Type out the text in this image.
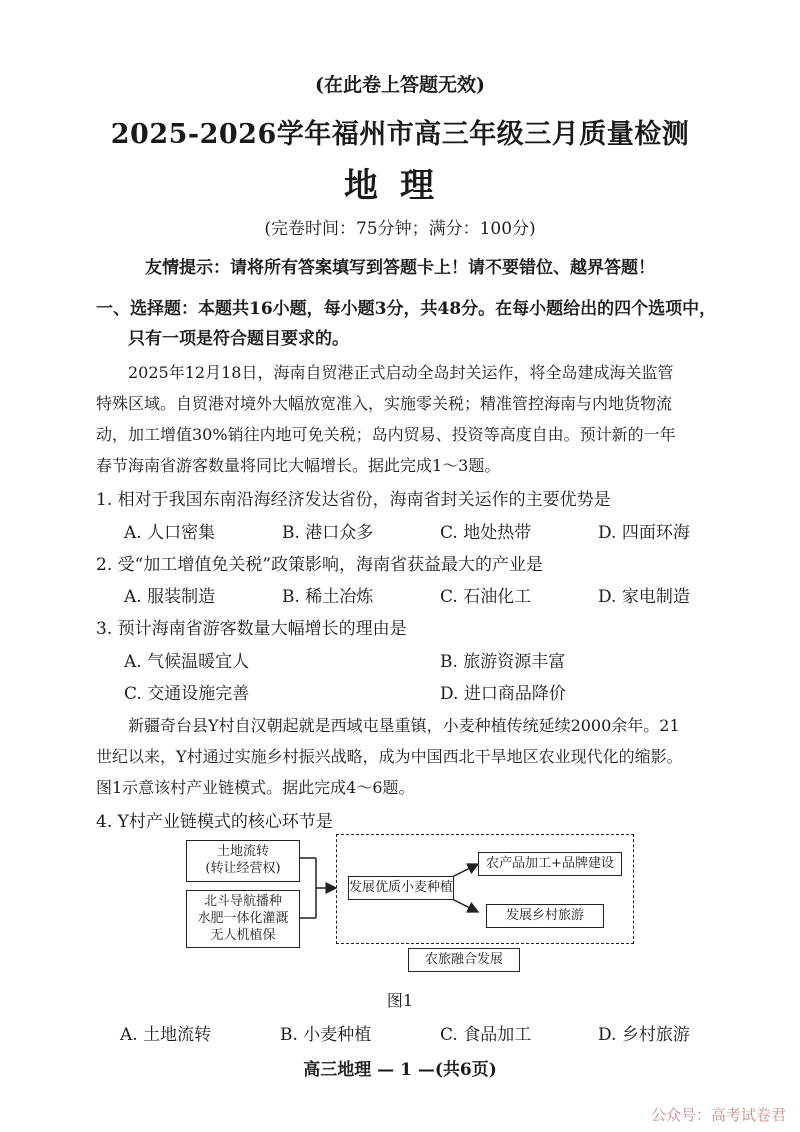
(在此卷上答题无效)
2025-2026学年福州市高三年级三月质量检测
地理
(完卷时间：75分钟；满分：100分)
友情提示：请将所有答案填写到答题卡上！请不要错位、越界答题！
一、选择题：本题共16小题，每小题3分，共48分。在每小题给出的四个选项中，
只有一项是符合题目要求的。
2025年12月18日，海南自贸港正式启动全岛封关运作，将全岛建成海关监管
特殊区域。自贸港对境外大幅放宽准入，实施零关税；精准管控海南与内地货物流
动，加工增值30%销往内地可免关税；岛内贸易、投资等高度自由。预计新的一年
春节海南省游客数量将同比大幅增长。据此完成1～3题。
1. 相对于我国东南沿海经济发达省份，海南省封关运作的主要优势是
A. 人口密集	B. 港口众多	C. 地处热带	D. 四面环海
2. 受“加工增值免关税”政策影响，海南省获益最大的产业是
A. 服装制造	B. 稀土冶炼	C. 石油化工	D. 家电制造
3. 预计海南省游客数量大幅增长的理由是
A. 气候温暖宜人	B. 旅游资源丰富
C. 交通设施完善	D. 进口商品降价
新疆奇台县Y村自汉朝起就是西域屯垦重镇，小麦种植传统延续2000余年。21
世纪以来，Y村通过实施乡村振兴战略，成为中国西北干旱地区农业现代化的缩影。
图1示意该村产业链模式。据此完成4～6题。
4. Y村产业链模式的核心环节是
土地流转
(转让经营权)
北斗导航播种
水肥一体化灌溉
无人机植保
发展优质小麦种植
农产品加工+品牌建设
发展乡村旅游
农旅融合发展
图1
A. 土地流转	B. 小麦种植	C. 食品加工	D. 乡村旅游
高三地理 — 1 —(共6页)
公众号：高考试卷君
